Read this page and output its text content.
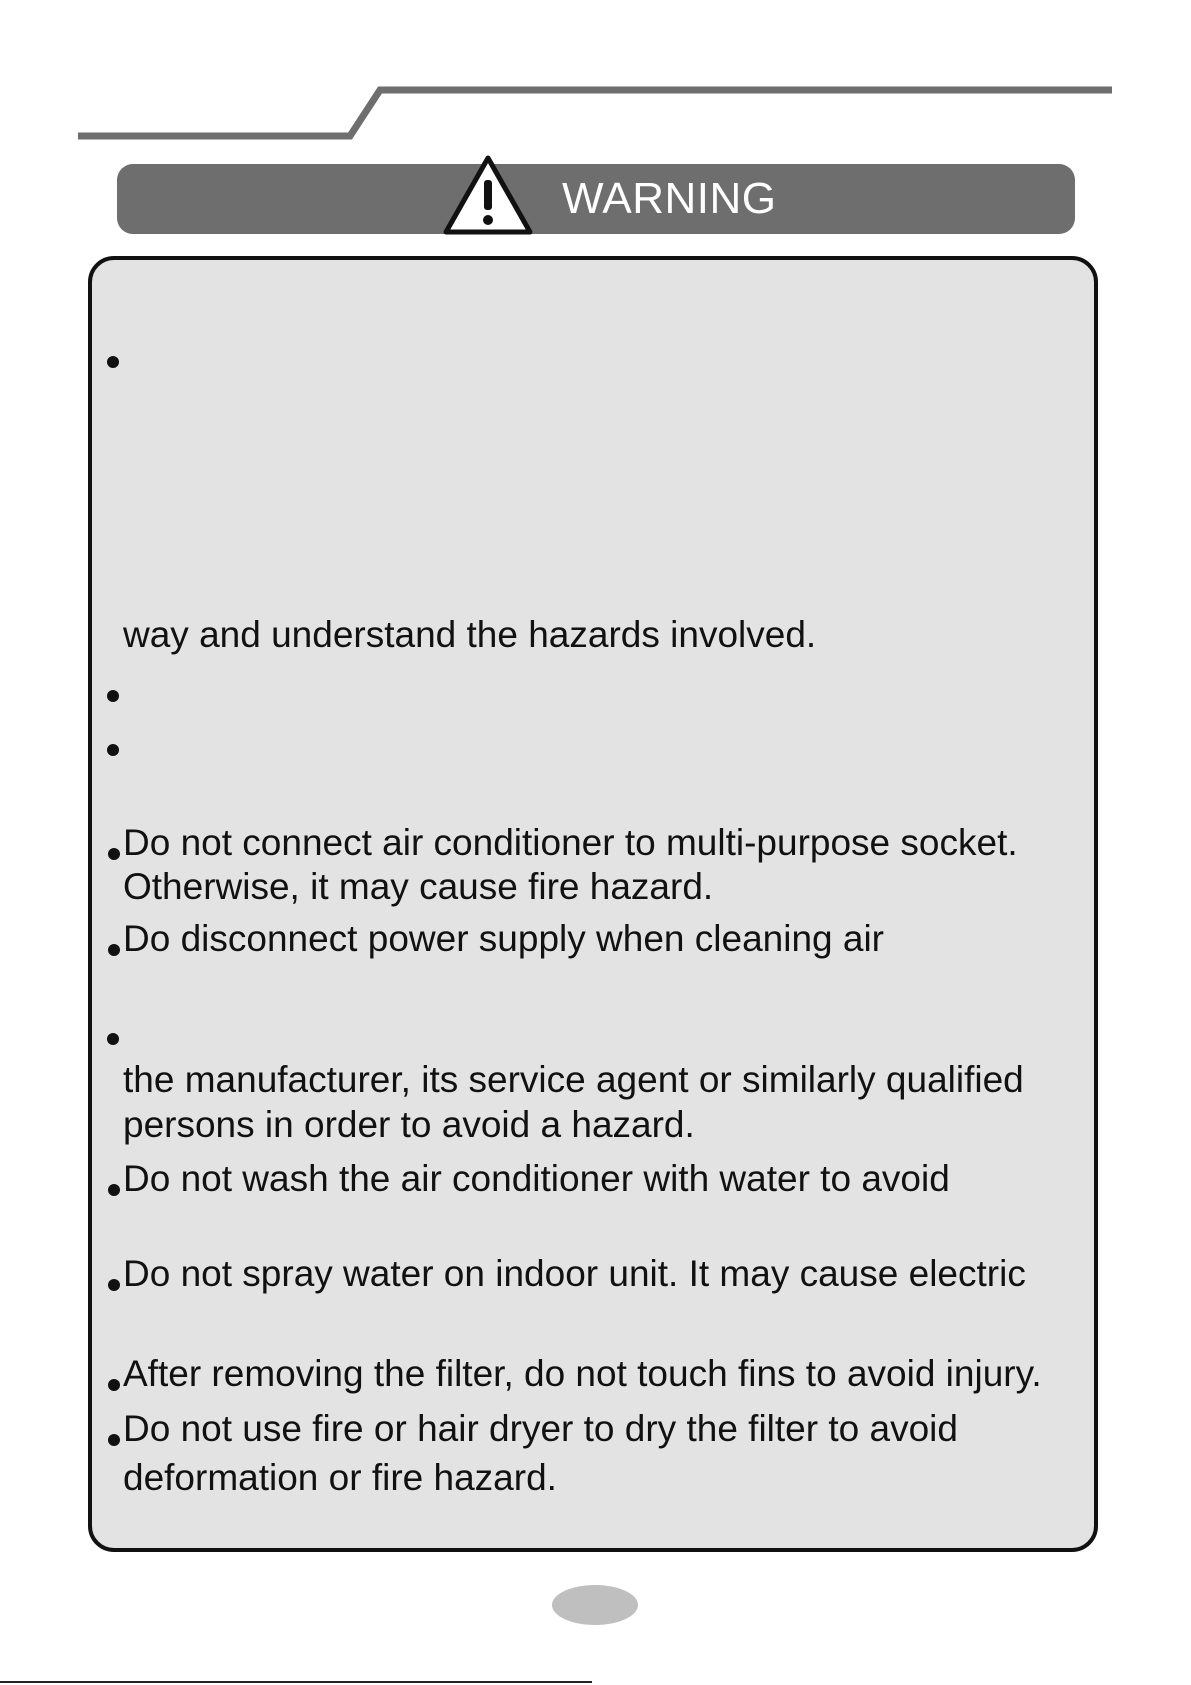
WARNING
way and understand the hazards involved.
Do not connect air conditioner to multi-purpose socket.
Otherwise, it may cause fire hazard.
Do disconnect power supply when cleaning air
the manufacturer, its service agent or similarly qualified
persons in order to avoid a hazard.
Do not wash the air conditioner with water to avoid
Do not spray water on indoor unit. It may cause electric
After removing the filter, do not touch fins to avoid injury.
Do not use fire or hair dryer to dry the filter to avoid
deformation or fire hazard.
